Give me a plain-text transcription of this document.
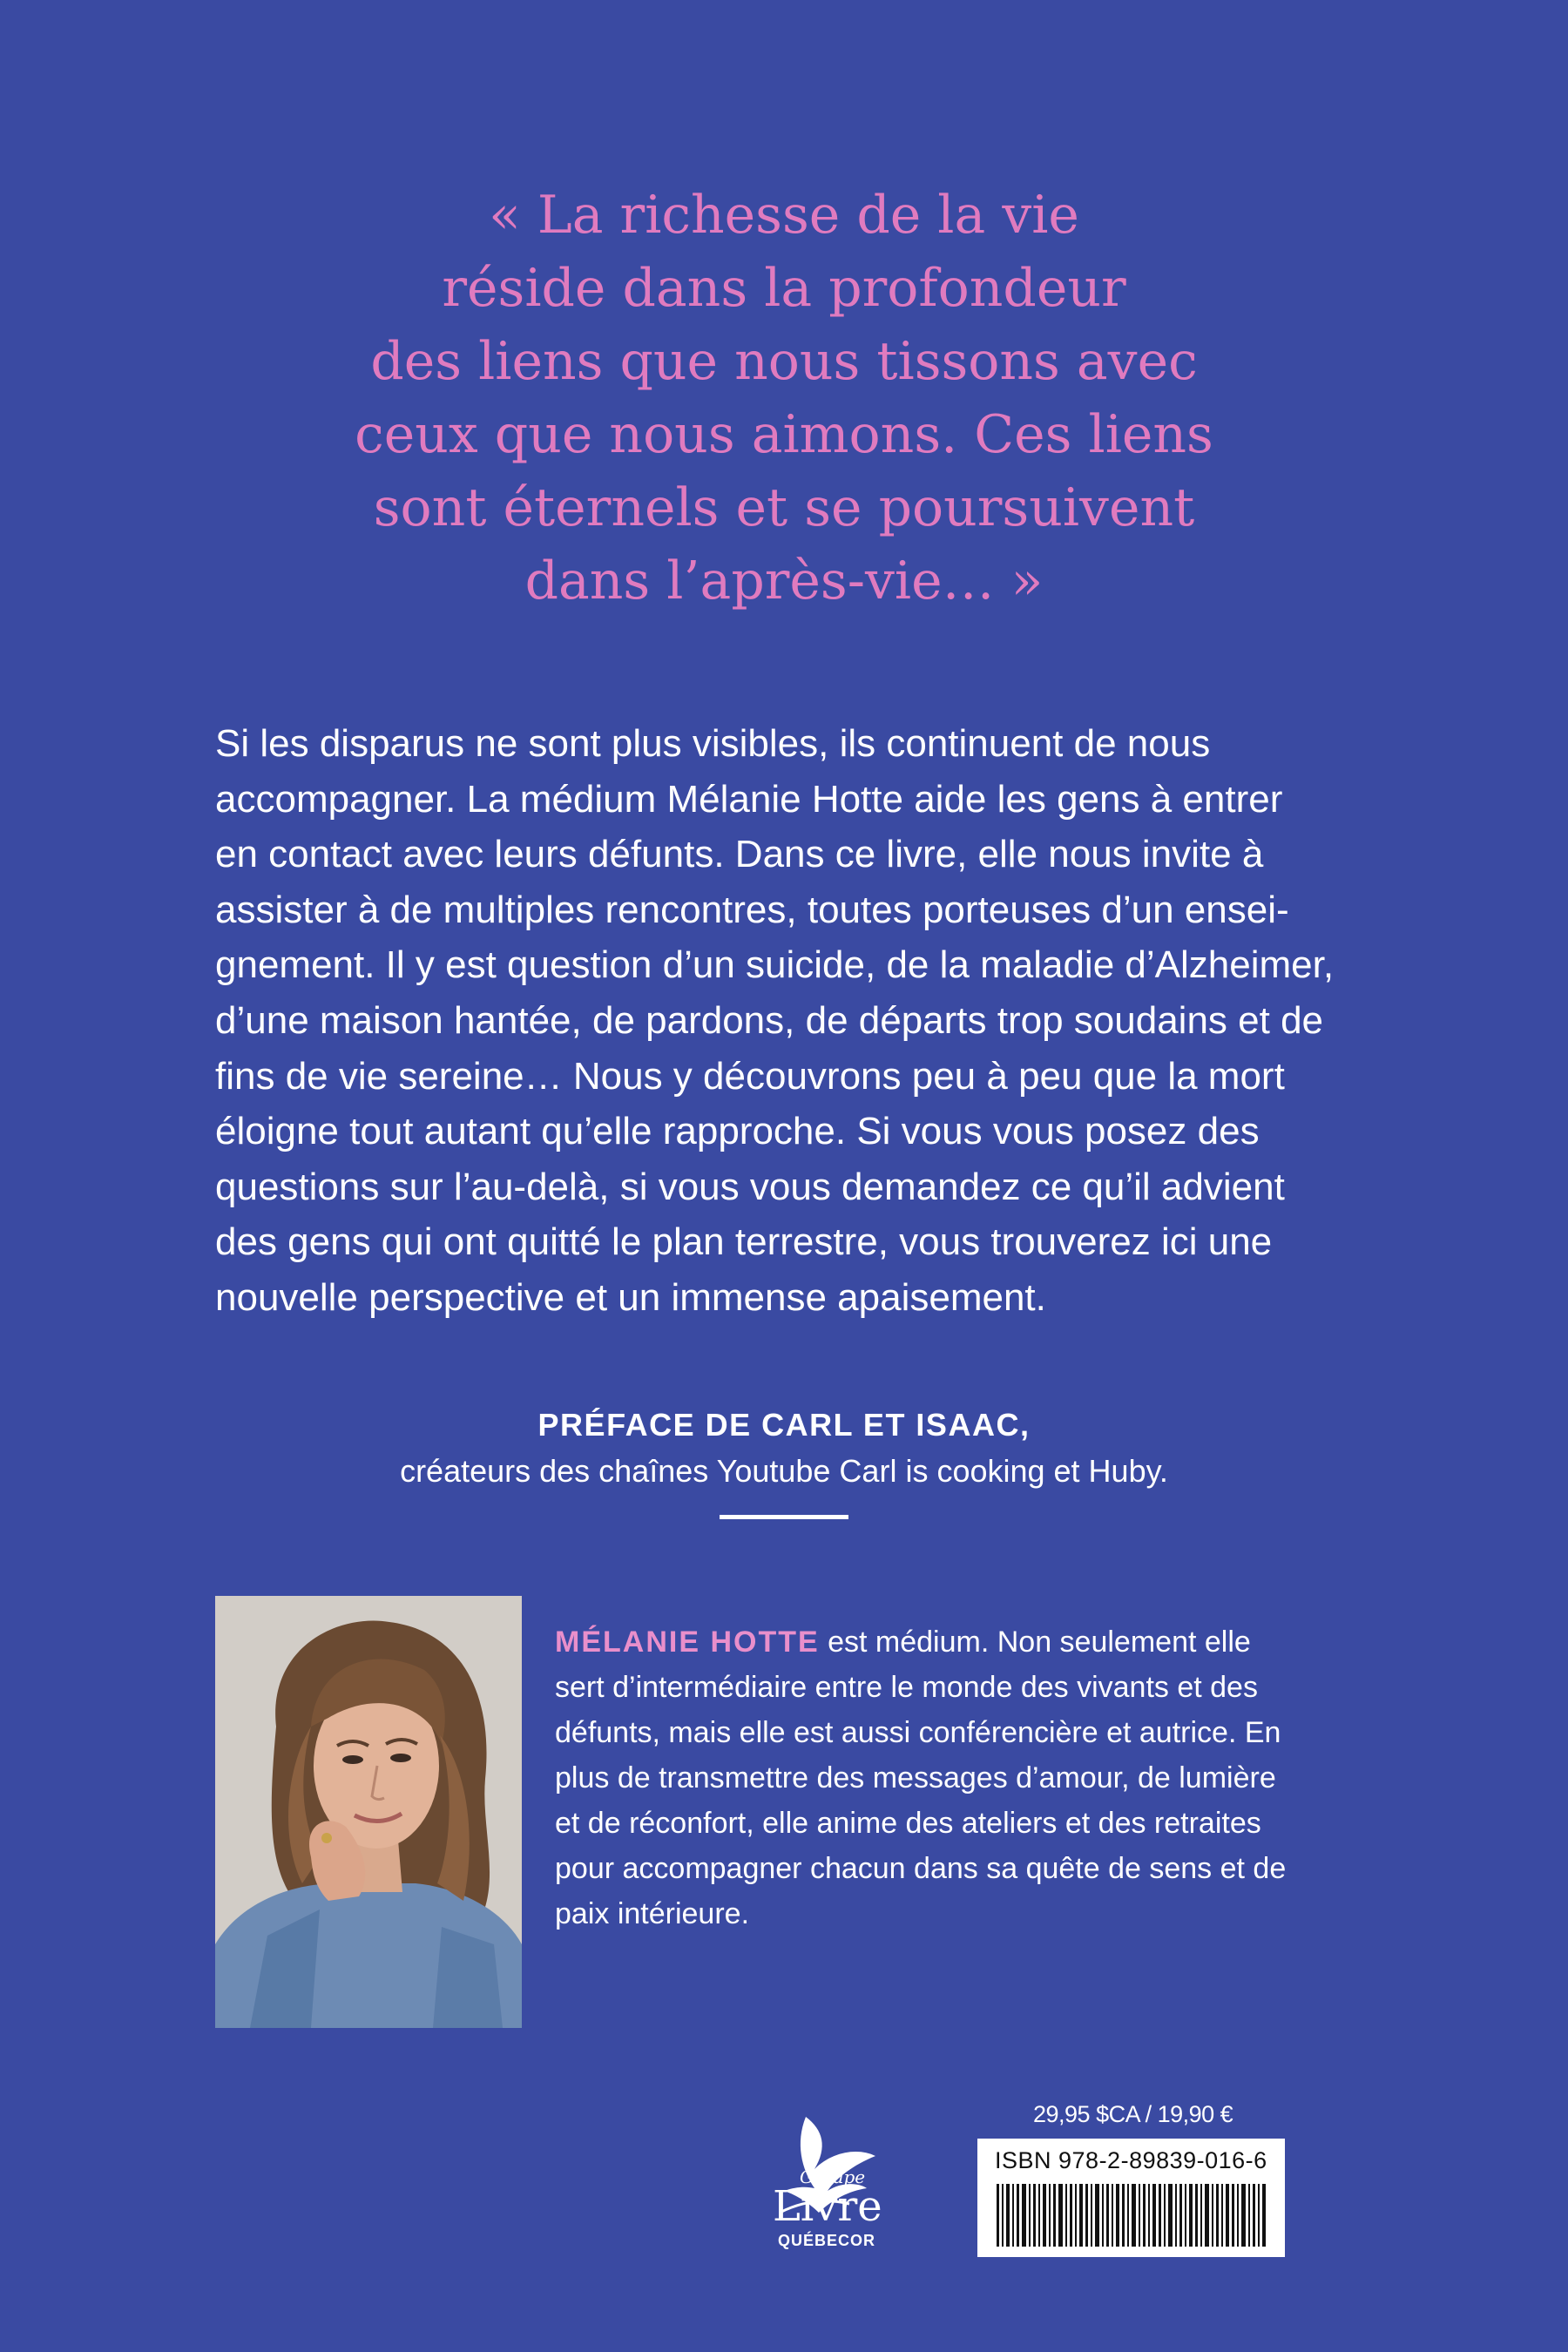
« La richesse de la vie
réside dans la profondeur
des liens que nous tissons avec
ceux que nous aimons. Ces liens
sont éternels et se poursuivent
dans l’après-vie… »
Si les disparus ne sont plus visibles, ils continuent de nous
accompagner. La médium Mélanie Hotte aide les gens à entrer
en contact avec leurs défunts. Dans ce livre, elle nous invite à
assister à de multiples rencontres, toutes porteuses d’un ensei-
gnement. Il y est question d’un suicide, de la maladie d’Alzheimer,
d’une maison hantée, de pardons, de départs trop soudains et de
fins de vie sereine… Nous y découvrons peu à peu que la mort
éloigne tout autant qu’elle rapproche. Si vous vous posez des
questions sur l’au-delà, si vous vous demandez ce qu’il advient
des gens qui ont quitté le plan terrestre, vous trouverez ici une
nouvelle perspective et un immense apaisement.
PRÉFACE DE CARL ET ISAAC,
créateurs des chaînes Youtube Carl is cooking et Huby.
MÉLANIE HOTTE est médium. Non seulement elle
sert d’intermédiaire entre le monde des vivants et des
défunts, mais elle est aussi conférencière et autrice. En
plus de transmettre des messages d’amour, de lumière
et de réconfort, elle anime des ateliers et des retraites
pour accompagner chacun dans sa quête de sens et de
paix intérieure.
Groupe
Livre
QUÉBECOR
29,95 $CA / 19,90 €
ISBN 978-2-89839-016-6
